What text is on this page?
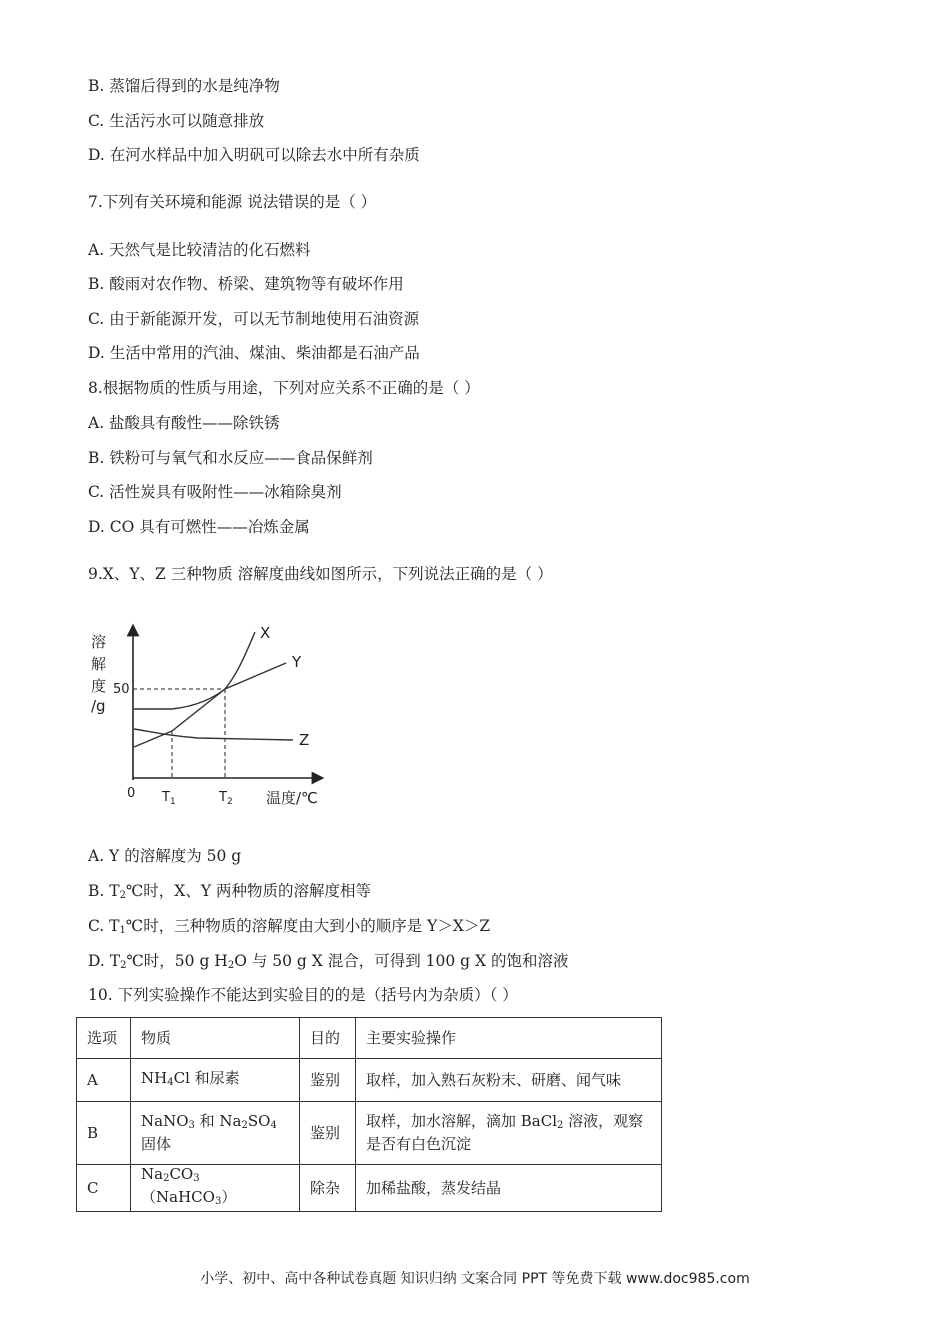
B. 蒸馏后得到的水是纯净物
C. 生活污水可以随意排放
D. 在河水样品中加入明矾可以除去水中所有杂质
7.下列有关环境和能源 说法错误的是（ ）
A. 天然气是比较清洁的化石燃料
B. 酸雨对农作物、桥梁、建筑物等有破坏作用
C. 由于新能源开发，可以无节制地使用石油资源
D. 生活中常用的汽油、煤油、柴油都是石油产品
8.根据物质的性质与用途，下列对应关系不正确的是（ ）
A. 盐酸具有酸性——除铁锈
B. 铁粉可与氧气和水反应——食品保鲜剂
C. 活性炭具有吸附性——冰箱除臭剂
D. CO 具有可燃性——冶炼金属
9.X、Y、Z 三种物质 溶解度曲线如图所示，下列说法正确的是（ ）
溶
解
度
/g
50
0 $T_1$	$T_2$ 温度/℃
X
Y
Z
A. Y 的溶解度为 50 g
B. $T_2℃$时，X、Y 两种物质的溶解度相等
C. $T_1℃$时，三种物质的溶解度由大到小的顺序是 Y＞X＞Z
D. $T_2℃$时，50 g $H_2O$ 与 50 g X 混合，可得到 100 g X 的饱和溶液
10. 下列实验操作不能达到实验目的的是（括号内为杂质）（ ）
选项	物质	目的	主要实验操作
A	$NH_4Cl$ 和尿素	鉴别	取样，加入熟石灰粉末、研磨、闻气味
B	NaNO$_3$ 和 $Na_2SO_4$ 固体	鉴别	取样，加水溶解，滴加 BaCl$_2$ 溶液，观察是否有白色沉淀
C	$Na_2CO_3(NaHCO_3)$	除杂	加稀盐酸，蒸发结晶
小学、初中、高中各种试卷真题 知识归纳 文案合同 PPT 等免费下载 www.doc985.com
